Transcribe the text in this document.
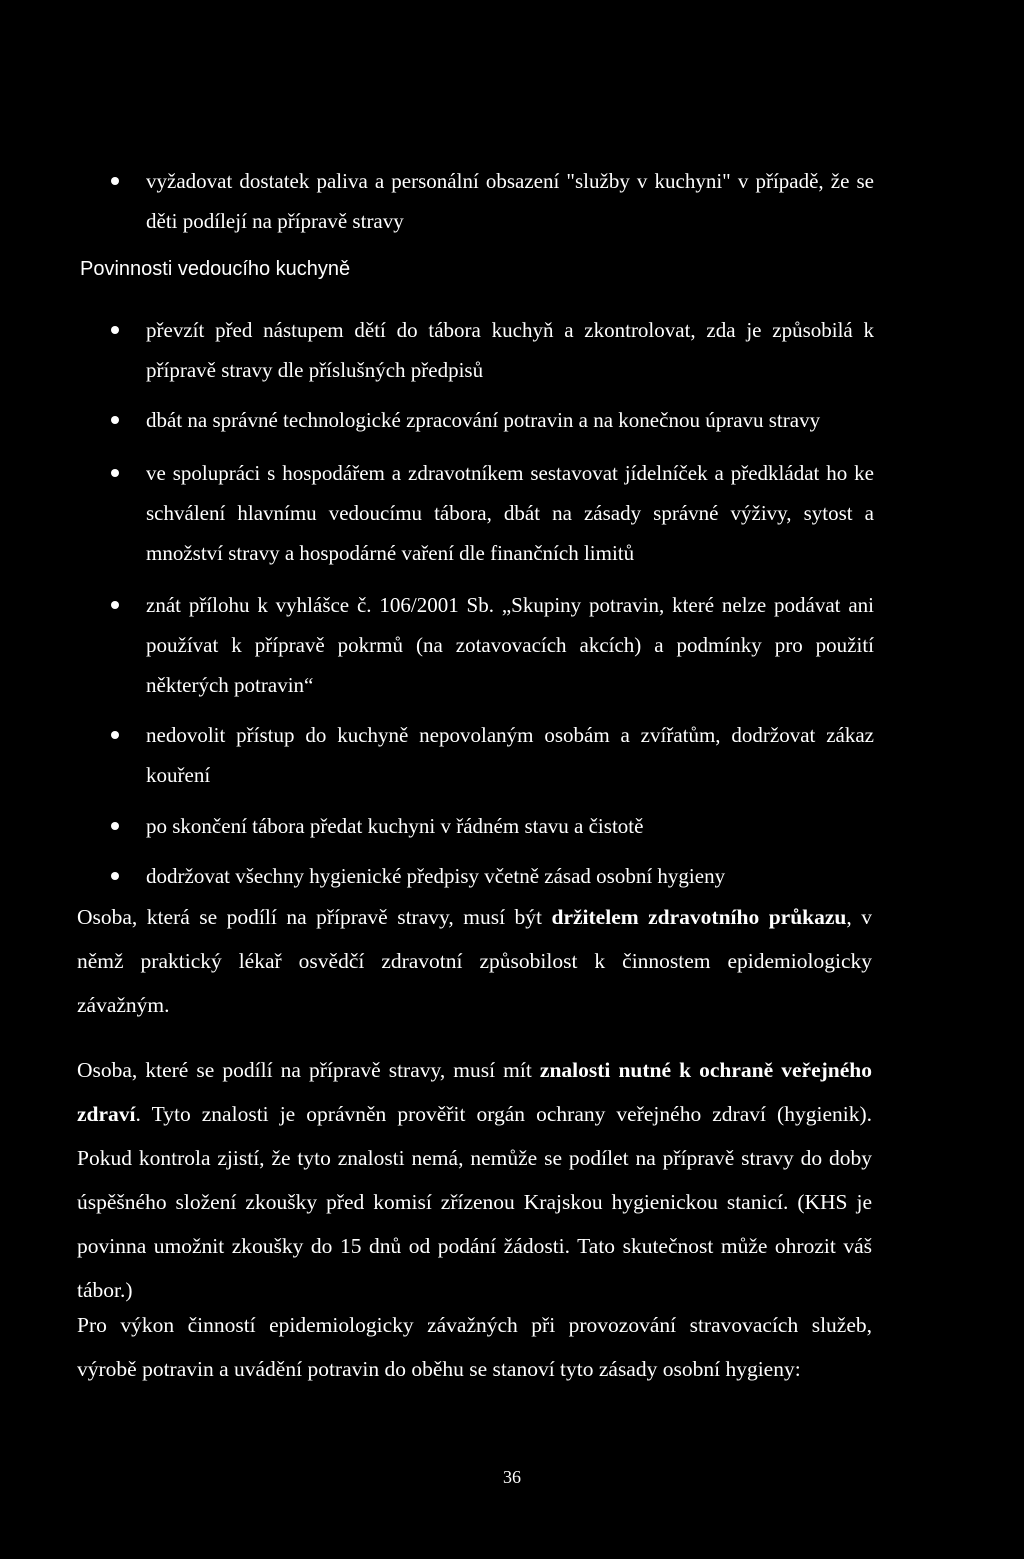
vyžadovat dostatek paliva a personální obsazení "služby v kuchyni" v případě, že se děti podílejí na přípravě stravy
Povinnosti vedoucího kuchyně
převzít před nástupem dětí do tábora kuchyň a zkontrolovat, zda je způsobilá k přípravě stravy dle příslušných předpisů
dbát na správné technologické zpracování potravin a na konečnou úpravu stravy
ve spolupráci s hospodářem a zdravotníkem sestavovat jídelníček a předkládat ho ke schválení hlavnímu vedoucímu tábora, dbát na zásady správné výživy, sytost a množství stravy a hospodárné vaření dle finančních limitů
znát přílohu k vyhlášce č. 106/2001 Sb. „Skupiny potravin, které nelze podávat ani používat k přípravě pokrmů (na zotavovacích akcích) a podmínky pro použití některých potravin“
nedovolit přístup do kuchyně nepovolaným osobám a zvířatům, dodržovat zákaz kouření
po skončení tábora předat kuchyni v řádném stavu a čistotě
dodržovat všechny hygienické předpisy včetně zásad osobní hygieny

Osoba, která se podílí na přípravě stravy, musí být držitelem zdravotního průkazu, v němž praktický lékař osvědčí zdravotní způsobilost k činnostem epidemiologicky závažným.

Osoba, které se podílí na přípravě stravy, musí mít znalosti nutné k ochraně veřejného zdraví. Tyto znalosti je oprávněn prověřit orgán ochrany veřejného zdraví (hygienik). Pokud kontrola zjistí, že tyto znalosti nemá, nemůže se podílet na přípravě stravy do doby úspěšného složení zkoušky před komisí zřízenou Krajskou hygienickou stanicí. (KHS je povinna umožnit zkoušky do 15 dnů od podání žádosti. Tato skutečnost může ohrozit váš tábor.)

Pro výkon činností epidemiologicky závažných při provozování stravovacích služeb, výrobě potravin a uvádění potravin do oběhu se stanoví tyto zásady osobní hygieny:

36
